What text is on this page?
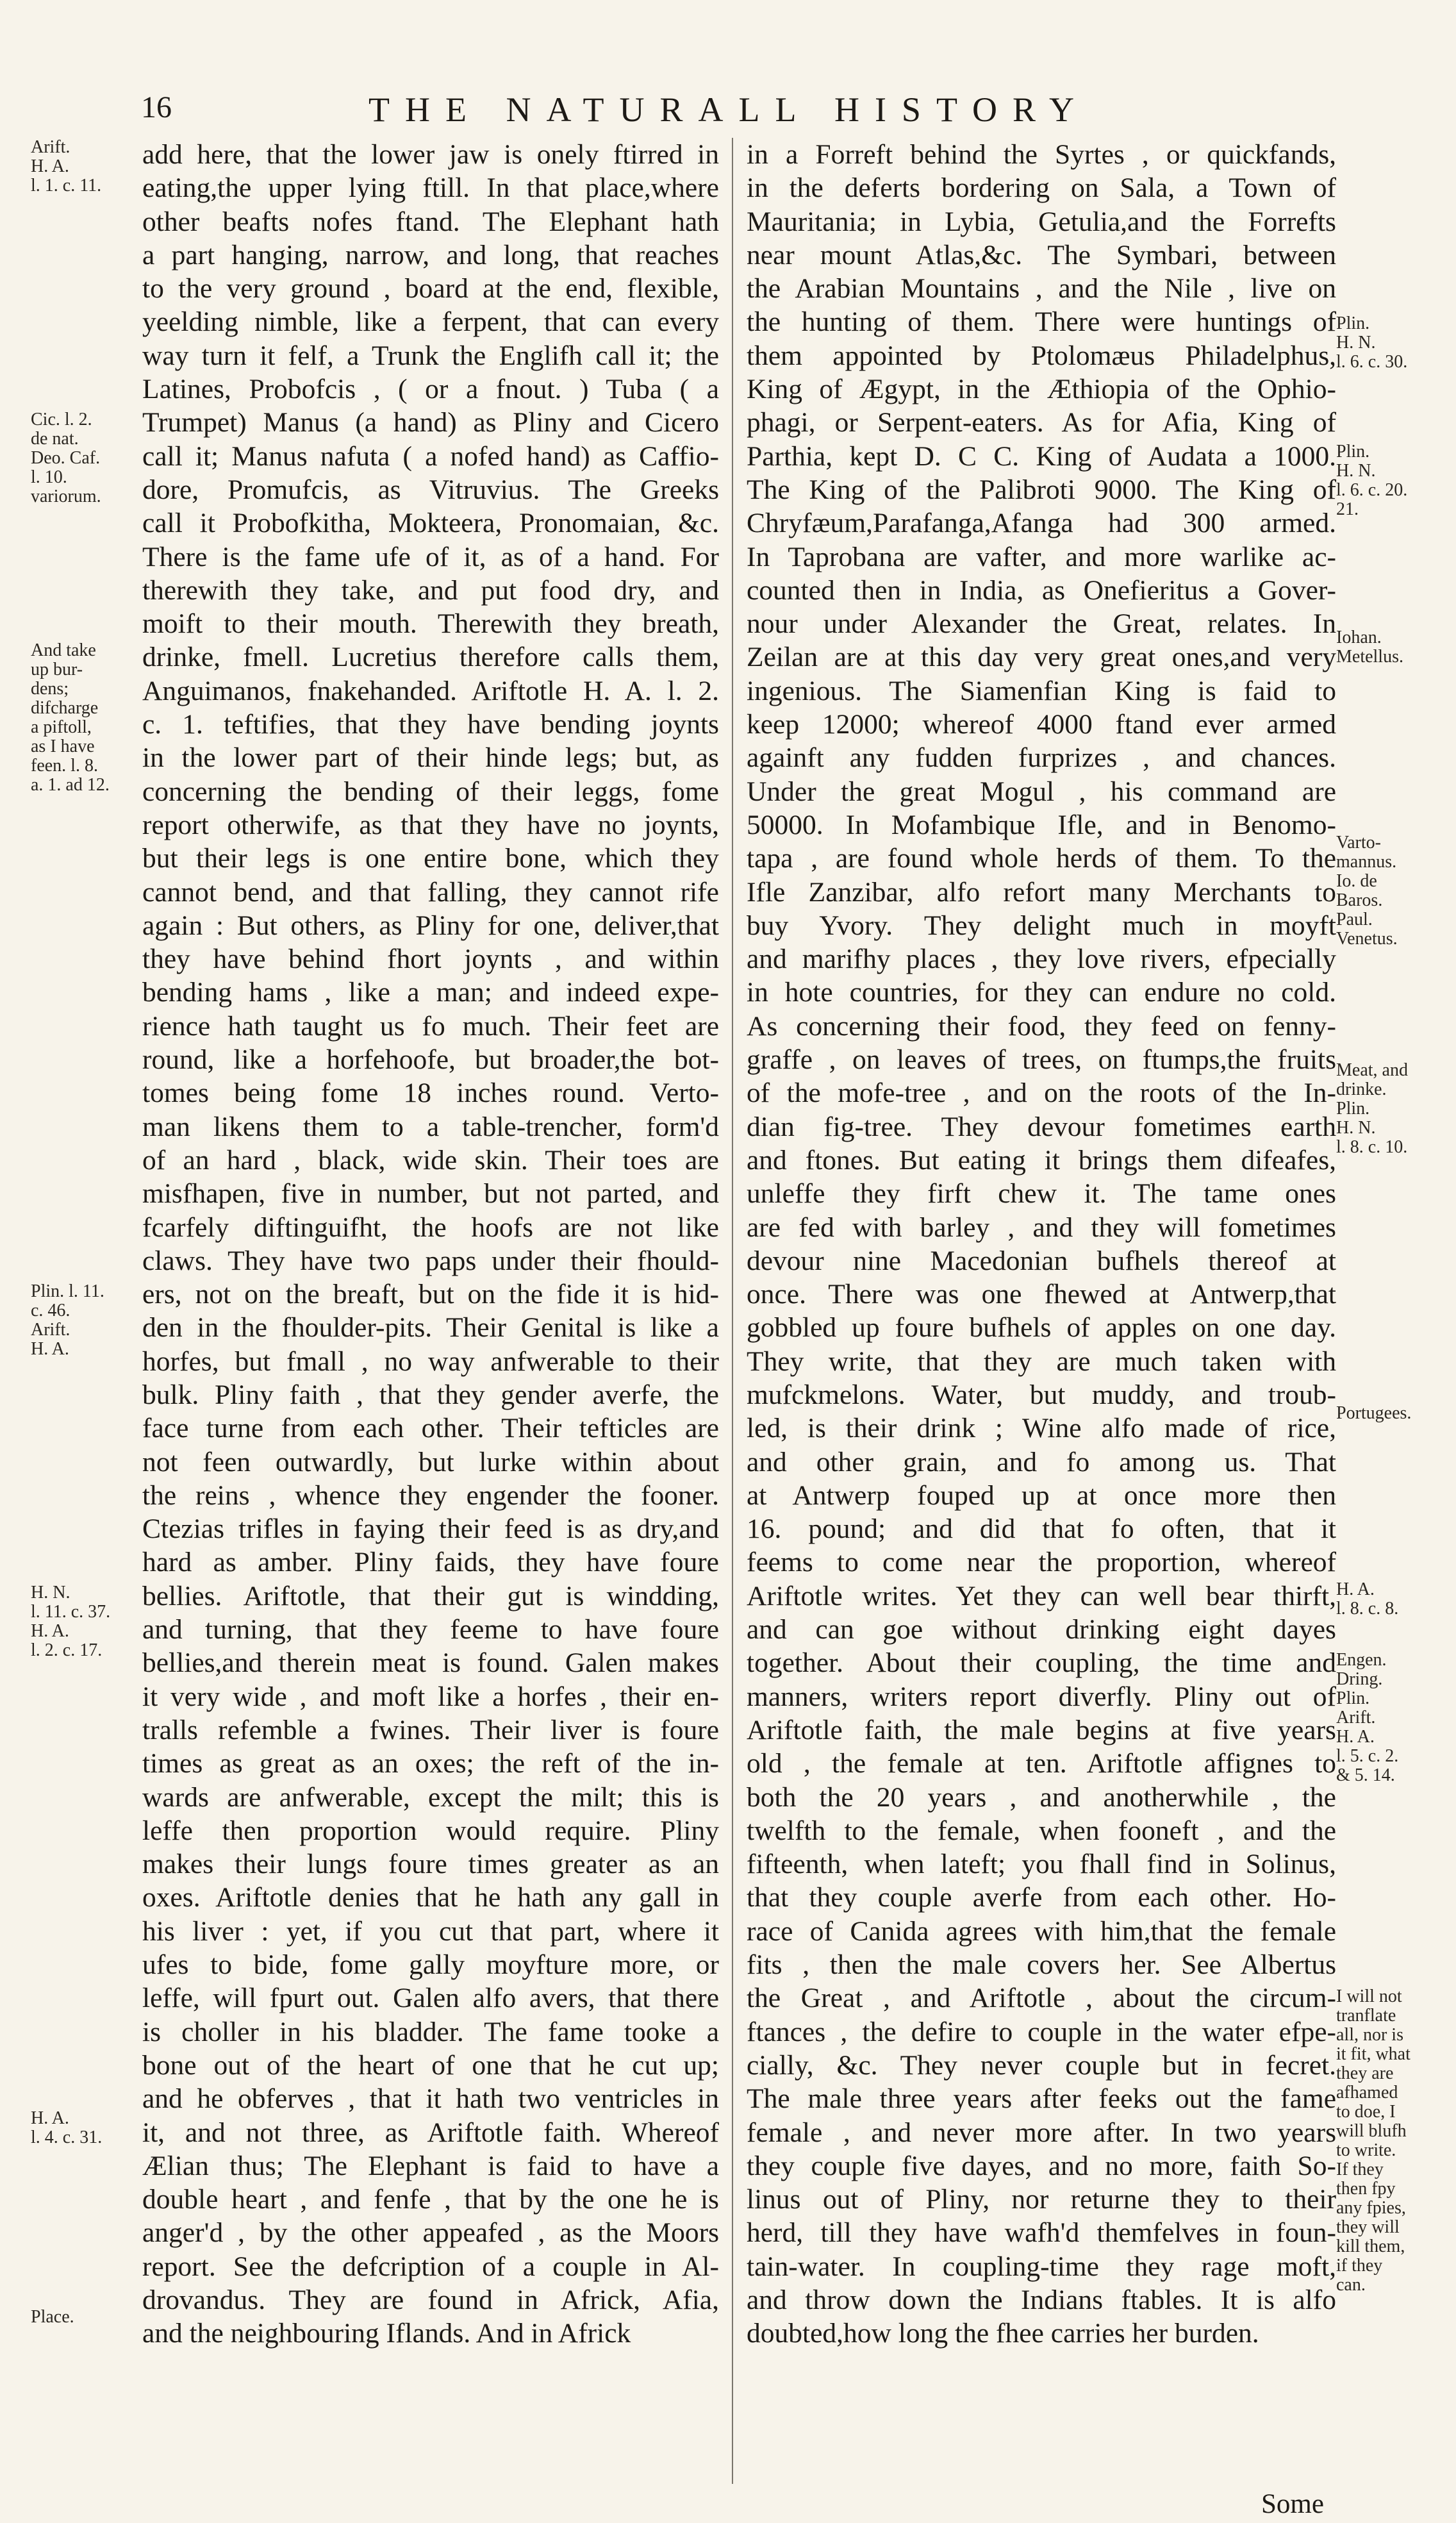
16	THE NATURALL HISTORY
add here, that the lower jaw is onely ftirred in
eating,the upper lying ftill. In that place,where
other beafts nofes ftand. The Elephant hath
a part hanging, narrow, and long, that reaches
to the very ground , board at the end, flexible,
yeelding nimble, like a ferpent, that can every
way turn it felf, a Trunk the Englifh call it; the
Latines, Probofcis , ( or a fnout. ) Tuba ( a
Trumpet) Manus (a hand) as Pliny and Cicero
call it; Manus nafuta ( a nofed hand) as Caffio-
dore, Promufcis, as Vitruvius. The Greeks
call it Probofkitha, Mokteera, Pronomaian, &c.
There is the fame ufe of it, as of a hand. For
therewith they take, and put food dry, and
moift to their mouth. Therewith they breath,
drinke, fmell. Lucretius therefore calls them,
Anguimanos, fnakehanded. Ariftotle H. A. l. 2.
c. 1. teftifies, that they have bending joynts
in the lower part of their hinde legs; but, as
concerning the bending of their leggs, fome
report otherwife, as that they have no joynts,
but their legs is one entire bone, which they
cannot bend, and that falling, they cannot rife
again : But others, as Pliny for one, deliver,that
they have behind fhort joynts , and within
bending hams , like a man; and indeed expe-
rience hath taught us fo much. Their feet are
round, like a horfehoofe, but broader,the bot-
tomes being fome 18 inches round. Verto-
man likens them to a table-trencher, form'd
of an hard , black, wide skin. Their toes are
misfhapen, five in number, but not parted, and
fcarfely diftinguifht, the hoofs are not like
claws. They have two paps under their fhould-
ers, not on the breaft, but on the fide it is hid-
den in the fhoulder-pits. Their Genital is like a
horfes, but fmall , no way anfwerable to their
bulk. Pliny faith , that they gender averfe, the
face turne from each other. Their tefticles are
not feen outwardly, but lurke within about
the reins , whence they engender the fooner.
Ctezias trifles in faying their feed is as dry,and
hard as amber. Pliny faids, they have foure
bellies. Ariftotle, that their gut is windding,
and turning, that they feeme to have foure
bellies,and therein meat is found. Galen makes
it very wide , and moft like a horfes , their en-
tralls refemble a fwines. Their liver is foure
times as great as an oxes; the reft of the in-
wards are anfwerable, except the milt; this is
leffe then proportion would require. Pliny
makes their lungs foure times greater as an
oxes. Ariftotle denies that he hath any gall in
his liver : yet, if you cut that part, where it
ufes to bide, fome gally moyfture more, or
leffe, will fpurt out. Galen alfo avers, that there
is choller in his bladder. The fame tooke a
bone out of the heart of one that he cut up;
and he obferves , that it hath two ventricles in
it, and not three, as Ariftotle faith. Whereof
Ælian thus; The Elephant is faid to have a
double heart , and fenfe , that by the one he is
anger'd , by the other appeafed , as the Moors
report. See the defcription of a couple in Al-
drovandus. They are found in Africk, Afia,
and the neighbouring Iflands. And in Africk
in a Forreft behind the Syrtes , or quickfands,
in the deferts bordering on Sala, a Town of
Mauritania; in Lybia, Getulia,and the Forrefts
near mount Atlas,&c. The Symbari, between
the Arabian Mountains , and the Nile , live on
the hunting of them. There were huntings of
them appointed by Ptolomæus Philadelphus,
King of Ægypt, in the Æthiopia of the Ophio-
phagi, or Serpent-eaters. As for Afia, King of
Parthia, kept D. C C. King of Audata a 1000.
The King of the Palibroti 9000. The King of
Chryfæum,Parafanga,Afanga had 300 armed.
In Taprobana are vafter, and more warlike ac-
counted then in India, as Onefieritus a Gover-
nour under Alexander the Great, relates. In
Zeilan are at this day very great ones,and very
ingenious. The Siamenfian King is faid to
keep 12000; whereof 4000 ftand ever armed
againft any fudden furprizes , and chances.
Under the great Mogul , his command are
50000. In Mofambique Ifle, and in Benomo-
tapa , are found whole herds of them. To the
Ifle Zanzibar, alfo refort many Merchants to
buy Yvory. They delight much in moyft
and marifhy places , they love rivers, efpecially
in hote countries, for they can endure no cold.
As concerning their food, they feed on fenny-
graffe , on leaves of trees, on ftumps,the fruits
of the mofe-tree , and on the roots of the In-
dian fig-tree. They devour fometimes earth
and ftones. But eating it brings them difeafes,
unleffe they firft chew it. The tame ones
are fed with barley , and they will fometimes
devour nine Macedonian bufhels thereof at
once. There was one fhewed at Antwerp,that
gobbled up foure bufhels of apples on one day.
They write, that they are much taken with
mufckmelons. Water, but muddy, and troub-
led, is their drink ; Wine alfo made of rice,
and other grain, and fo among us. That
at Antwerp fouped up at once more then
16. pound; and did that fo often, that it
feems to come near the proportion, whereof
Ariftotle writes. Yet they can well bear thirft,
and can goe without drinking eight dayes
together. About their coupling, the time and
manners, writers report diverfly. Pliny out of
Ariftotle faith, the male begins at five years
old , the female at ten. Ariftotle affignes to
both the 20 years , and anotherwhile , the
twelfth to the female, when fooneft , and the
fifteenth, when lateft; you fhall find in Solinus,
that they couple averfe from each other. Ho-
race of Canida agrees with him,that the female
fits , then the male covers her. See Albertus
the Great , and Ariftotle , about the circum-
ftances , the defire to couple in the water efpe-
cially, &c. They never couple but in fecret.
The male three years after feeks out the fame
female , and never more after. In two years
they couple five dayes, and no more, faith So-
linus out of Pliny, nor returne they to their
herd, till they have wafh'd themfelves in foun-
tain-water. In coupling-time they rage moft,
and throw down the Indians ftables. It is alfo
doubted,how long the fhee carries her burden.
Arift.
H. A.
l. 1. c. 11.
Cic. l. 2.
de nat.
Deo. Caf.
l. 10.
variorum.
And take
up bur-
dens;
difcharge
a piftoll,
as I have
feen. l. 8.
a. 1. ad 12.
Plin. l. 11.
c. 46.
Arift.
H. A.
H. N.
l. 11. c. 37.
H. A.
l. 2. c. 17.
H. A.
l. 4. c. 31.
Place.
Plin.
H. N.
l. 6. c. 30.
Plin.
H. N.
l. 6. c. 20.
21.
Iohan.
Metellus.
Varto-
mannus.
Io. de
Baros.
Paul.
Venetus.
Meat, and
drinke.
Plin.
H. N.
l. 8. c. 10.
Portugees.
H. A.
l. 8. c. 8.
Engen.
Dring.
Plin.
Arift.
H. A.
l. 5. c. 2.
& 5. 14.
I will not
tranflate
all, nor is
it fit, what
they are
afhamed
to doe, I
will blufh
to write.
If they
then fpy
any fpies,
they will
kill them,
if they
can.
Some
